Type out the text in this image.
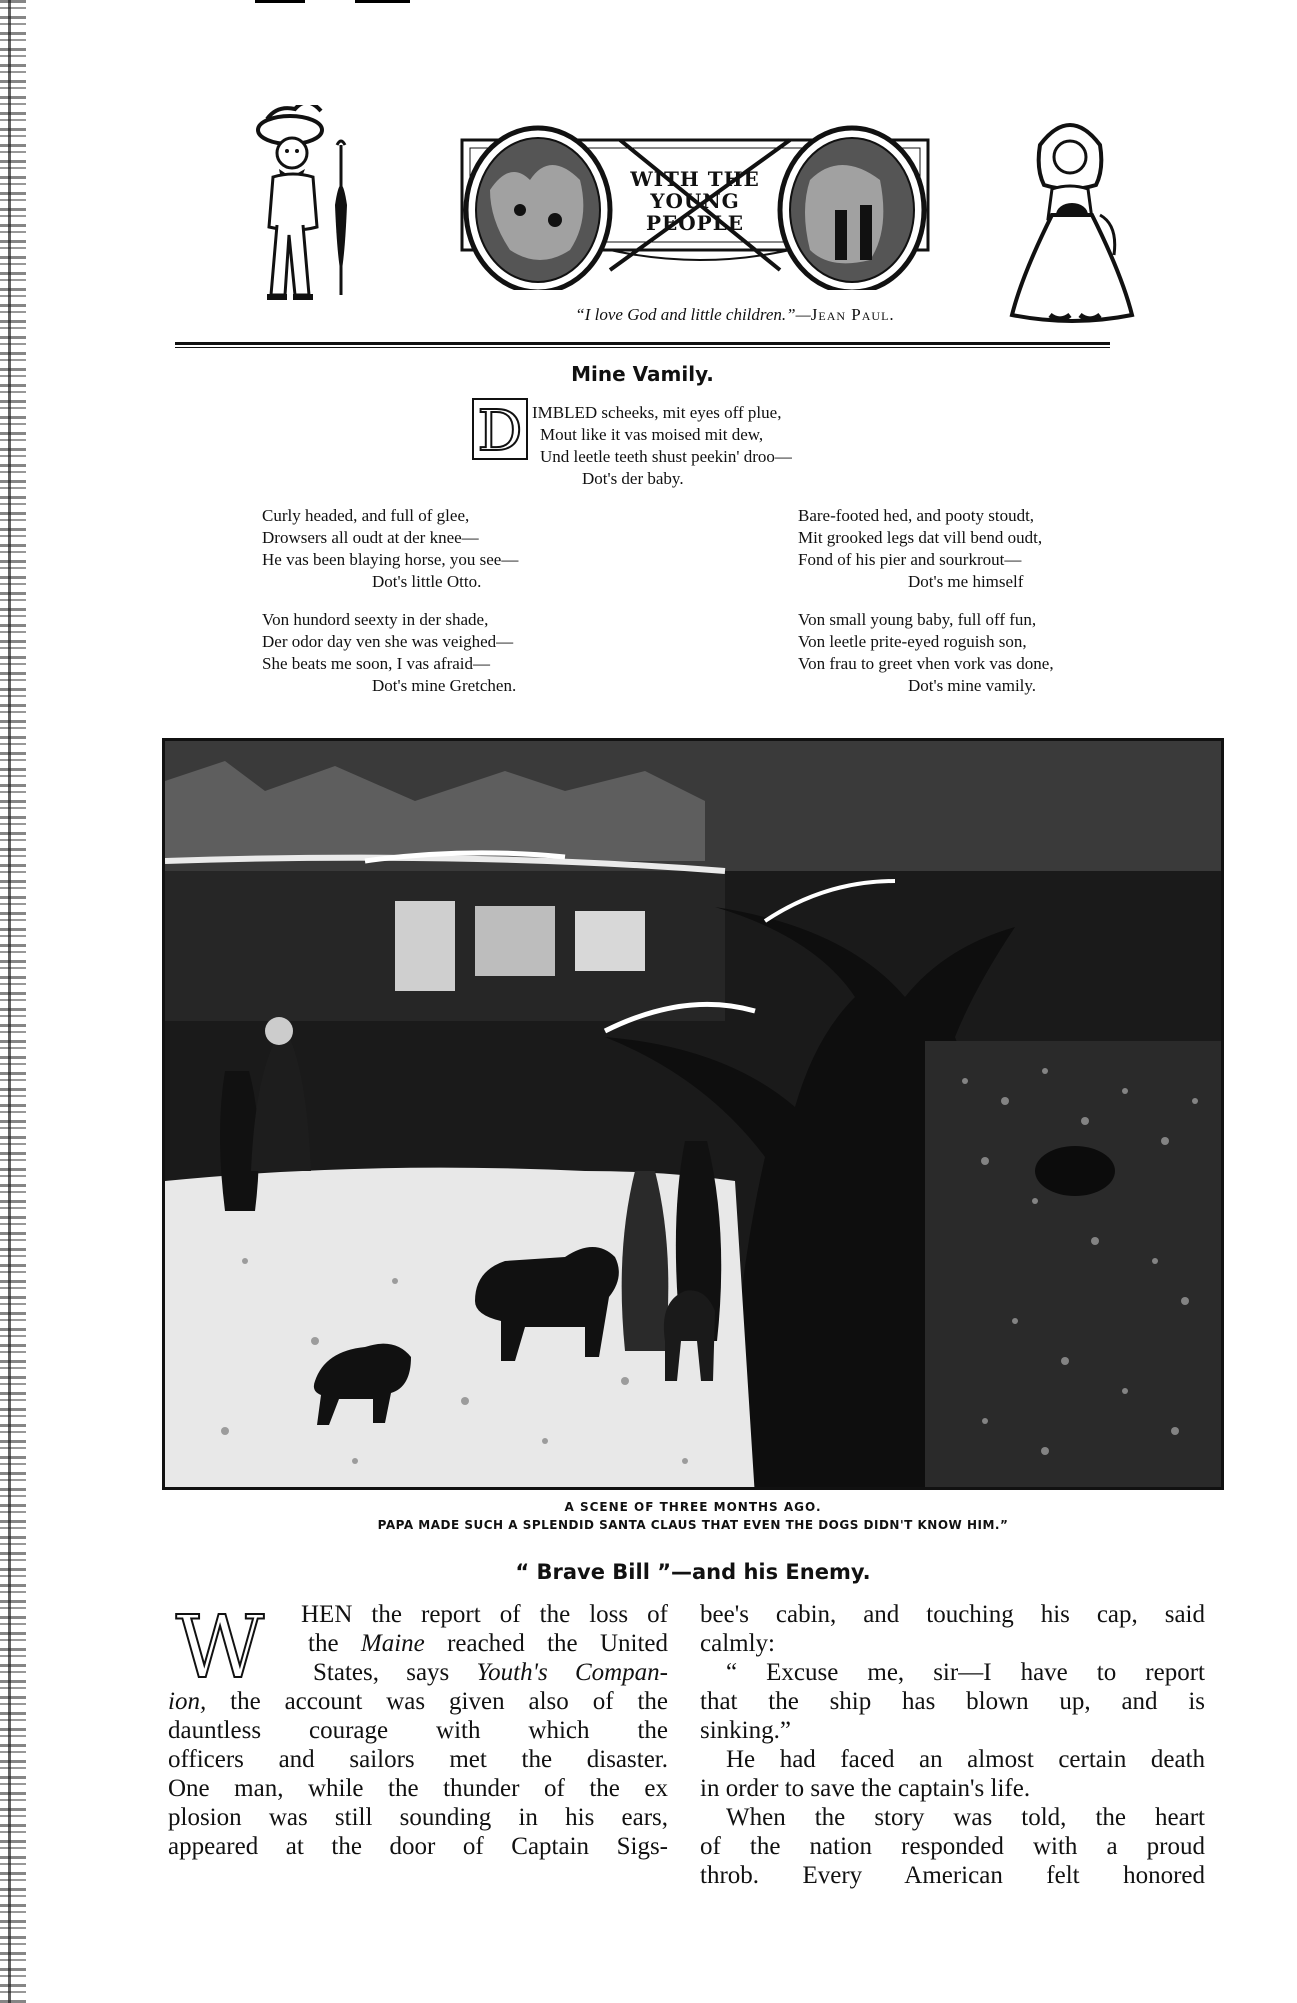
WITH THE
YOUNG
PEOPLE
“I love God and little children.”—Jean Paul.
Mine Vamily.
D IMBLED scheeks, mit eyes off plue,
Mout like it vas moised mit dew,
Und leetle teeth shust peekin' droo—
Dot's der baby.
Curly headed, and full of glee,
Drowsers all oudt at der knee—
He vas been blaying horse, you see—
Dot's little Otto.
Bare-footed hed, and pooty stoudt,
Mit grooked legs dat vill bend oudt,
Fond of his pier and sourkrout—
Dot's me himself
Von hundord seexty in der shade,
Der odor day ven she was veighed—
She beats me soon, I vas afraid—
Dot's mine Gretchen.
Von small young baby, full off fun,
Von leetle prite-eyed roguish son,
Von frau to greet vhen vork vas done,
Dot's mine vamily.
A SCENE OF THREE MONTHS AGO.
PAPA MADE SUCH A SPLENDID SANTA CLAUS THAT EVEN THE DOGS DIDN'T KNOW HIM.”
“ Brave Bill ”—and his Enemy.
W	HEN the report of the loss of
the Maine reached the United
States, says Youth's Compan-
ion, the account was given also of the
dauntless courage with which the
officers and sailors met the disaster.
One man, while the thunder of the ex
plosion was still sounding in his ears,
appeared at the door of Captain Sigs-
bee's cabin, and touching his cap, said
calmly:
“ Excuse me, sir—I have to report
that the ship has blown up, and is
sinking.”
He had faced an almost certain death
in order to save the captain's life.
When the story was told, the heart
of the nation responded with a proud
throb. Every American felt honored
